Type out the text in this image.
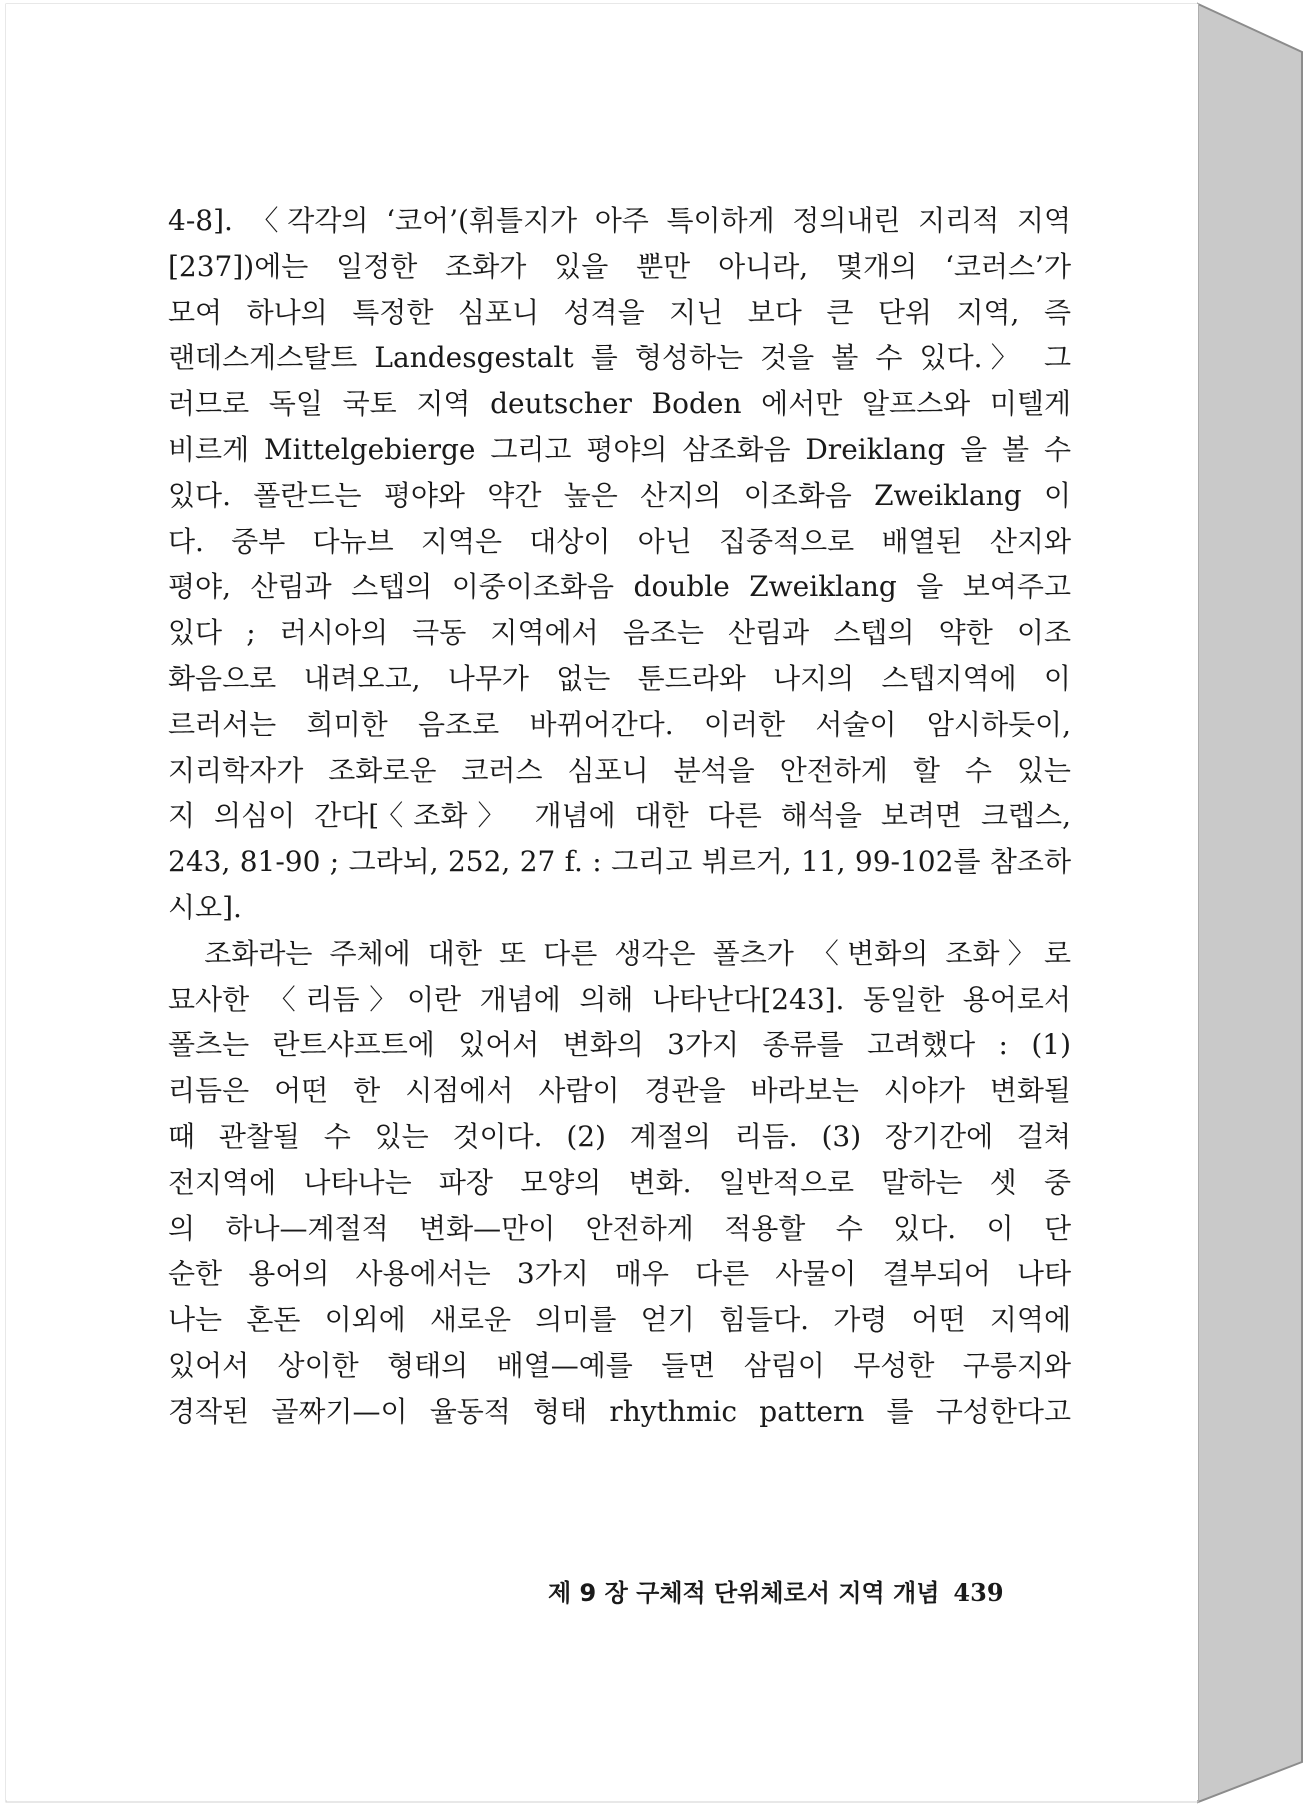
4-8]. 〈각각의 ‘코어’(휘틀지가 아주 특이하게 정의내린 지리적 지역
[237])에는 일정한 조화가 있을 뿐만 아니라, 몇개의 ‘코러스’가
모여 하나의 특정한 심포니 성격을 지닌 보다 큰 단위 지역, 즉
랜데스게스탈트 Landesgestalt 를 형성하는 것을 볼 수 있다.〉 그
러므로 독일 국토 지역 deutscher Boden 에서만 알프스와 미텔게
비르게 Mittelgebierge 그리고 평야의 삼조화음 Dreiklang 을 볼 수
있다. 폴란드는 평야와 약간 높은 산지의 이조화음 Zweiklang 이
다. 중부 다뉴브 지역은 대상이 아닌 집중적으로 배열된 산지와
평야, 산림과 스텝의 이중이조화음 double Zweiklang 을 보여주고
있다 ; 러시아의 극동 지역에서 음조는 산림과 스텝의 약한 이조
화음으로 내려오고, 나무가 없는 툰드라와 나지의 스텝지역에 이
르러서는 희미한 음조로 바뀌어간다. 이러한 서술이 암시하듯이,
지리학자가 조화로운 코러스 심포니 분석을 안전하게 할 수 있는
지 의심이 간다[〈조화〉 개념에 대한 다른 해석을 보려면 크렙스,
243, 81-90 ; 그라뇌, 252, 27 f. : 그리고 뷔르거, 11, 99-102를 참조하
시오].
　조화라는 주체에 대한 또 다른 생각은 폴츠가 〈변화의 조화〉로
묘사한 〈리듬〉이란 개념에 의해 나타난다[243]. 동일한 용어로서
폴츠는 란트샤프트에 있어서 변화의 3가지 종류를 고려했다 : (1)
리듬은 어떤 한 시점에서 사람이 경관을 바라보는 시야가 변화될
때 관찰될 수 있는 것이다. (2) 계절의 리듬. (3) 장기간에 걸쳐
전지역에 나타나는 파장 모양의 변화. 일반적으로 말하는 셋 중
의 하나—계절적 변화—만이 안전하게 적용할 수 있다. 이 단
순한 용어의 사용에서는 3가지 매우 다른 사물이 결부되어 나타
나는 혼돈 이외에 새로운 의미를 얻기 힘들다. 가령 어떤 지역에
있어서 상이한 형태의 배열—예를 들면 삼림이 무성한 구릉지와
경작된 골짜기—이 율동적 형태 rhythmic pattern 를 구성한다고
제 9 장 구체적 단위체로서 지역 개념 439
